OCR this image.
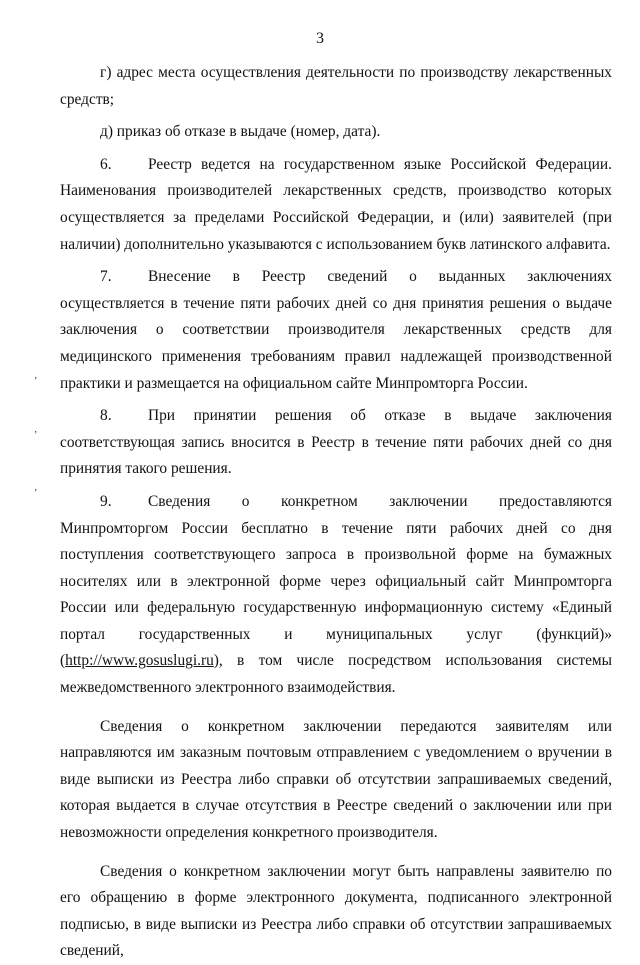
3
ʼ
ʼ
ʼ

г) адрес места осуществления деятельности по производству лекарственных средств;

д) приказ об отказе в выдаче (номер, дата).

6. Реестр ведется на государственном языке Российской Федерации. Наименования производителей лекарственных средств, производство которых осуществляется за пределами Российской Федерации, и (или) заявителей (при наличии) дополнительно указываются с использованием букв латинского алфавита.

7. Внесение в Реестр сведений о выданных заключениях осуществляется в течение пяти рабочих дней со дня принятия решения о выдаче заключения о соответствии производителя лекарственных средств для медицинского применения требованиям правил надлежащей производственной практики и размещается на официальном сайте Минпромторга России.

8. При принятии решения об отказе в выдаче заключения соответствующая запись вносится в Реестр в течение пяти рабочих дней со дня принятия такого решения.

9. Сведения о конкретном заключении предоставляются Минпромторгом России бесплатно в течение пяти рабочих дней со дня поступления соответствующего запроса в произвольной форме на бумажных носителях или в электронной форме через официальный сайт Минпромторга России или федеральную государственную информационную систему «Единый портал государственных и муниципальных услуг (функций)» (http://www.gosuslugi.ru), в том числе посредством использования системы межведомственного электронного взаимодействия.

Сведения о конкретном заключении передаются заявителям или направляются им заказным почтовым отправлением с уведомлением о вручении в виде выписки из Реестра либо справки об отсутствии запрашиваемых сведений, которая выдается в случае отсутствия в Реестре сведений о заключении или при невозможности определения конкретного производителя.

Сведения о конкретном заключении могут быть направлены заявителю по его обращению в форме электронного документа, подписанного электронной подписью, в виде выписки из Реестра либо справки об отсутствии запрашиваемых сведений,
